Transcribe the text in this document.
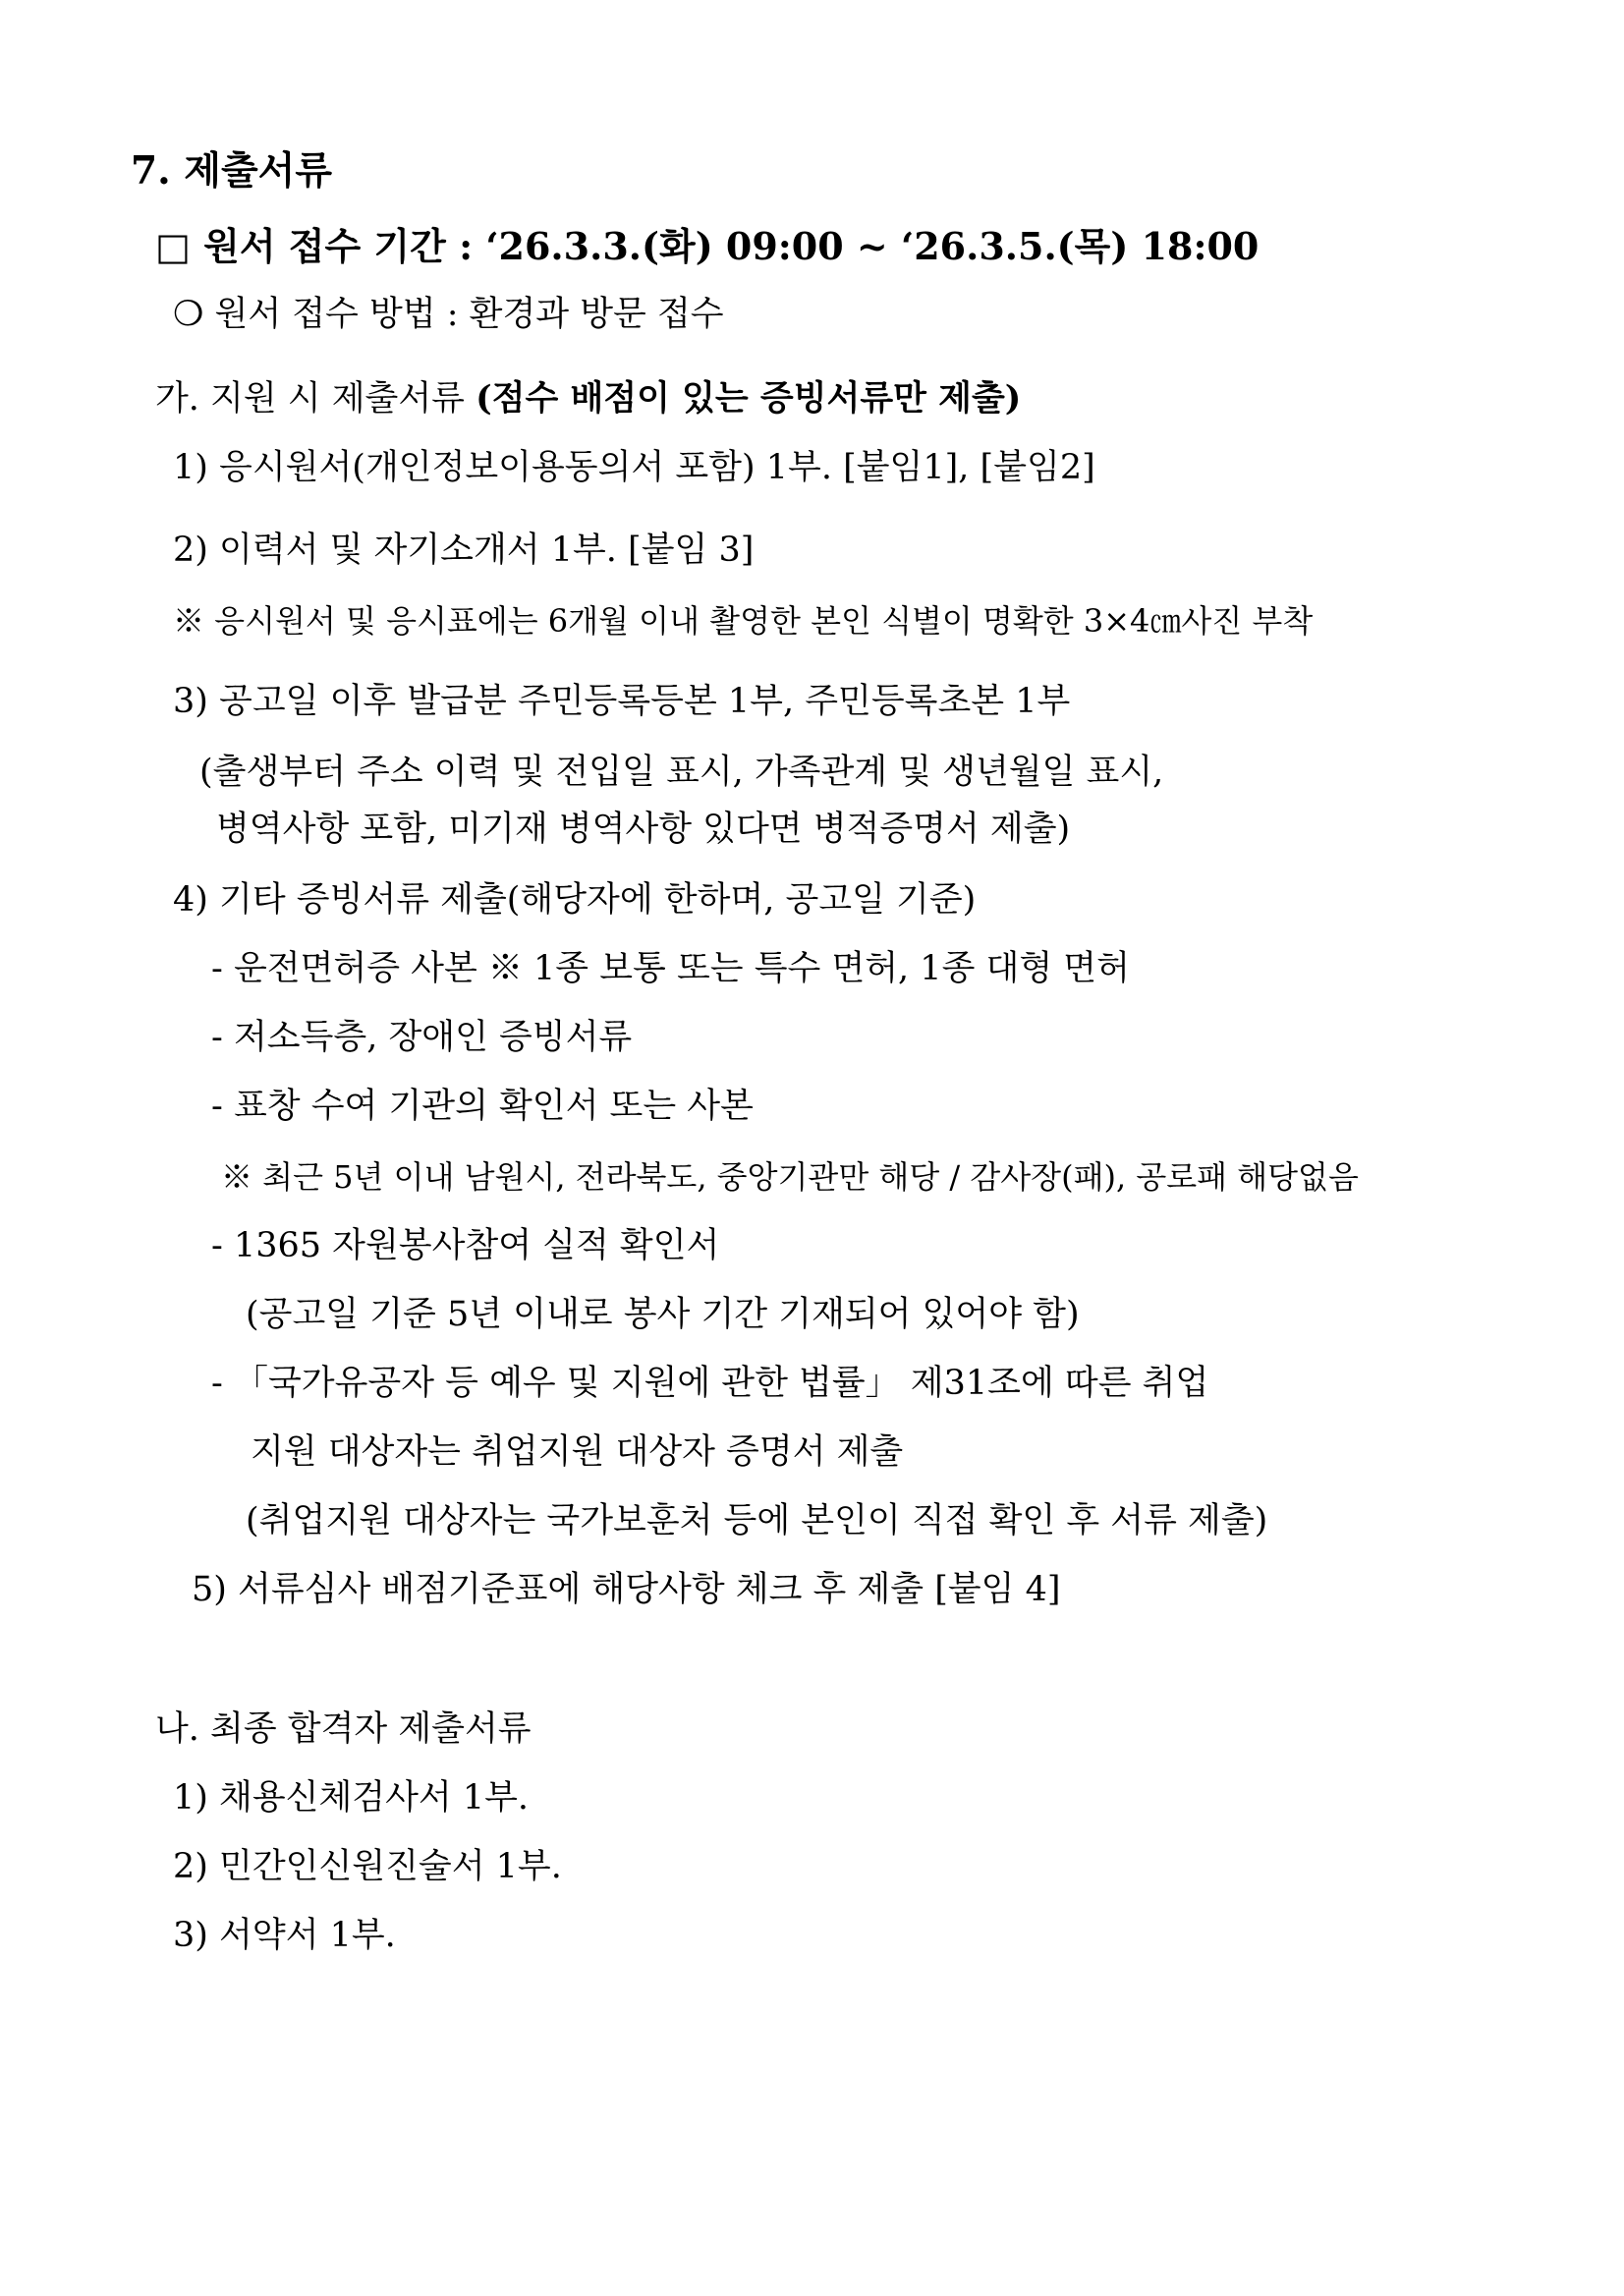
7. 제출서류
□ 원서 접수 기간 : ‘26.3.3.(화) 09:00 ~ ‘26.3.5.(목) 18:00
❍ 원서 접수 방법 : 환경과 방문 접수
가. 지원 시 제출서류 (점수 배점이 있는 증빙서류만 제출)
1) 응시원서(개인정보이용동의서 포함) 1부. [붙임1], [붙임2]
2) 이력서 및 자기소개서 1부. [붙임 3]
※ 응시원서 및 응시표에는 6개월 이내 촬영한 본인 식별이 명확한 3×4㎝사진 부착
3) 공고일 이후 발급분 주민등록등본 1부, 주민등록초본 1부
(출생부터 주소 이력 및 전입일 표시, 가족관계 및 생년월일 표시,
병역사항 포함, 미기재 병역사항 있다면 병적증명서 제출)
4) 기타 증빙서류 제출(해당자에 한하며, 공고일 기준)
- 운전면허증 사본 ※ 1종 보통 또는 특수 면허, 1종 대형 면허
- 저소득층, 장애인 증빙서류
- 표창 수여 기관의 확인서 또는 사본
※ 최근 5년 이내 남원시, 전라북도, 중앙기관만 해당 / 감사장(패), 공로패 해당없음
- 1365 자원봉사참여 실적 확인서
(공고일 기준 5년 이내로 봉사 기간 기재되어 있어야 함)
- 「국가유공자 등 예우 및 지원에 관한 법률」 제31조에 따른 취업
지원 대상자는 취업지원 대상자 증명서 제출
(취업지원 대상자는 국가보훈처 등에 본인이 직접 확인 후 서류 제출)
5) 서류심사 배점기준표에 해당사항 체크 후 제출 [붙임 4]
나. 최종 합격자 제출서류
1) 채용신체검사서 1부.
2) 민간인신원진술서 1부.
3) 서약서 1부.
